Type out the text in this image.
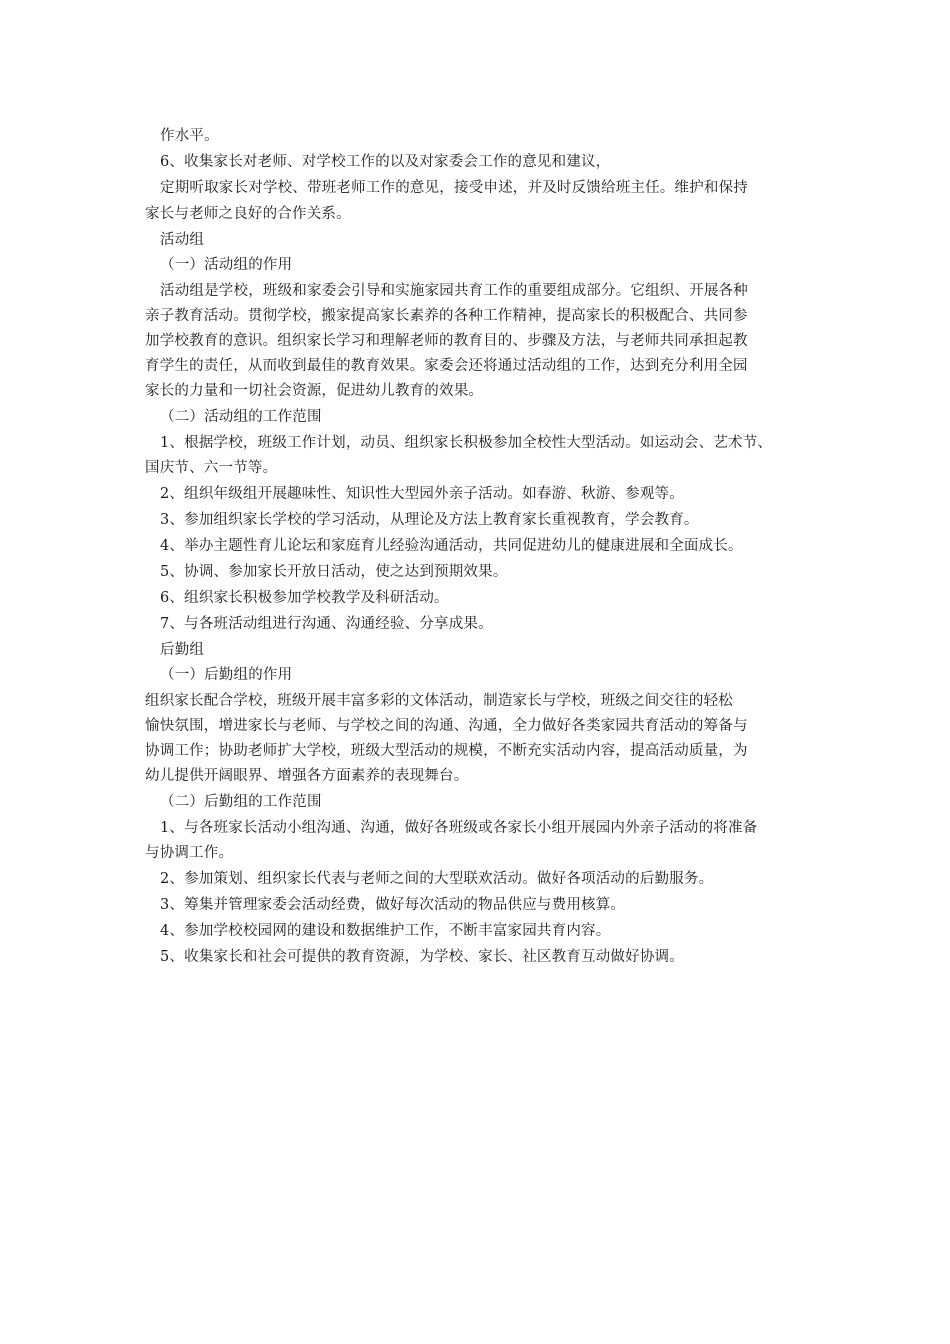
作水平。
6、收集家长对老师、对学校工作的以及对家委会工作的意见和建议，
定期听取家长对学校、带班老师工作的意见，接受申述，并及时反馈给班主任。维护和保持
家长与老师之良好的合作关系。
活动组
（一）活动组的作用
活动组是学校，班级和家委会引导和实施家园共育工作的重要组成部分。它组织、开展各种
亲子教育活动。贯彻学校，搬家提高家长素养的各种工作精神，提高家长的积极配合、共同参
加学校教育的意识。组织家长学习和理解老师的教育目的、步骤及方法，与老师共同承担起教
育学生的责任，从而收到最佳的教育效果。家委会还将通过活动组的工作，达到充分利用全园
家长的力量和一切社会资源，促进幼儿教育的效果。
（二）活动组的工作范围
1、根据学校，班级工作计划，动员、组织家长积极参加全校性大型活动。如运动会、艺术节、
国庆节、六一节等。
2、组织年级组开展趣味性、知识性大型园外亲子活动。如春游、秋游、参观等。
3、参加组织家长学校的学习活动，从理论及方法上教育家长重视教育，学会教育。
4、举办主题性育儿论坛和家庭育儿经验沟通活动，共同促进幼儿的健康进展和全面成长。
5、协调、参加家长开放日活动，使之达到预期效果。
6、组织家长积极参加学校教学及科研活动。
7、与各班活动组进行沟通、沟通经验、分享成果。
后勤组
（一）后勤组的作用
组织家长配合学校，班级开展丰富多彩的文体活动，制造家长与学校，班级之间交往的轻松
愉快氛围，增进家长与老师、与学校之间的沟通、沟通，全力做好各类家园共育活动的筹备与
协调工作；协助老师扩大学校，班级大型活动的规模，不断充实活动内容，提高活动质量，为
幼儿提供开阔眼界、增强各方面素养的表现舞台。
（二）后勤组的工作范围
1、与各班家长活动小组沟通、沟通，做好各班级或各家长小组开展园内外亲子活动的将准备
与协调工作。
2、参加策划、组织家长代表与老师之间的大型联欢活动。做好各项活动的后勤服务。
3、筹集并管理家委会活动经费，做好每次活动的物品供应与费用核算。
4、参加学校校园网的建设和数据维护工作，不断丰富家园共育内容。
5、收集家长和社会可提供的教育资源，为学校、家长、社区教育互动做好协调。
